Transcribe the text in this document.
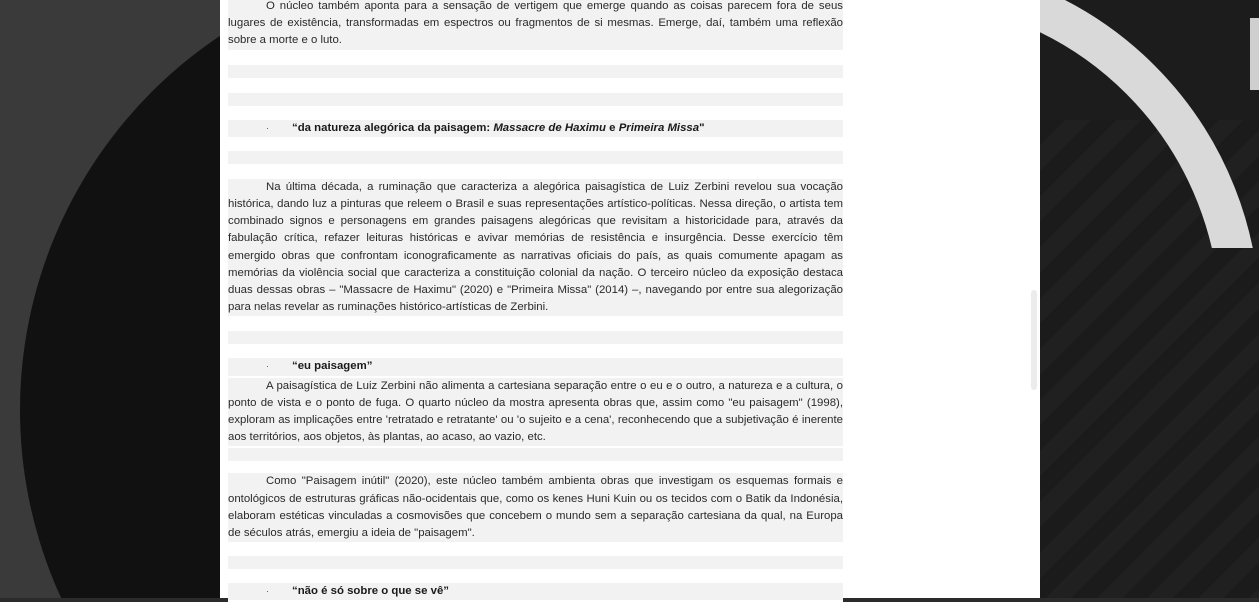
O núcleo também aponta para a sensação de vertigem que emerge quando as coisas parecem fora de seus lugares de existência, transformadas em espectros ou fragmentos de si mesmas. Emerge, daí, também uma reflexão sobre a morte e o luto.
· “da natureza alegórica da paisagem: Massacre de Haximu e Primeira Missa"
Na última década, a ruminação que caracteriza a alegórica paisagística de Luiz Zerbini revelou sua vocação histórica, dando luz a pinturas que releem o Brasil e suas representações artístico-políticas. Nessa direção, o artista tem combinado signos e personagens em grandes paisagens alegóricas que revisitam a historicidade para, através da fabulação crítica, refazer leituras históricas e avivar memórias de resistência e insurgência. Desse exercício têm emergido obras que confrontam iconograficamente as narrativas oficiais do país, as quais comumente apagam as memórias da violência social que caracteriza a constituição colonial da nação. O terceiro núcleo da exposição destaca duas dessas obras – "Massacre de Haximu" (2020) e "Primeira Missa" (2014) –, navegando por entre sua alegorização para nelas revelar as ruminações histórico-artísticas de Zerbini.
· “eu paisagem”
A paisagística de Luiz Zerbini não alimenta a cartesiana separação entre o eu e o outro, a natureza e a cultura, o ponto de vista e o ponto de fuga. O quarto núcleo da mostra apresenta obras que, assim como "eu paisagem" (1998), exploram as implicações entre 'retratado e retratante' ou 'o sujeito e a cena', reconhecendo que a subjetivação é inerente aos territórios, aos objetos, às plantas, ao acaso, ao vazio, etc.
Como "Paisagem inútil" (2020), este núcleo também ambienta obras que investigam os esquemas formais e ontológicos de estruturas gráficas não-ocidentais que, como os kenes Huni Kuin ou os tecidos com o Batik da Indonésia, elaboram estéticas vinculadas a cosmovisões que concebem o mundo sem a separação cartesiana da qual, na Europa de séculos atrás, emergiu a ideia de "paisagem".
· “não é só sobre o que se vê”
